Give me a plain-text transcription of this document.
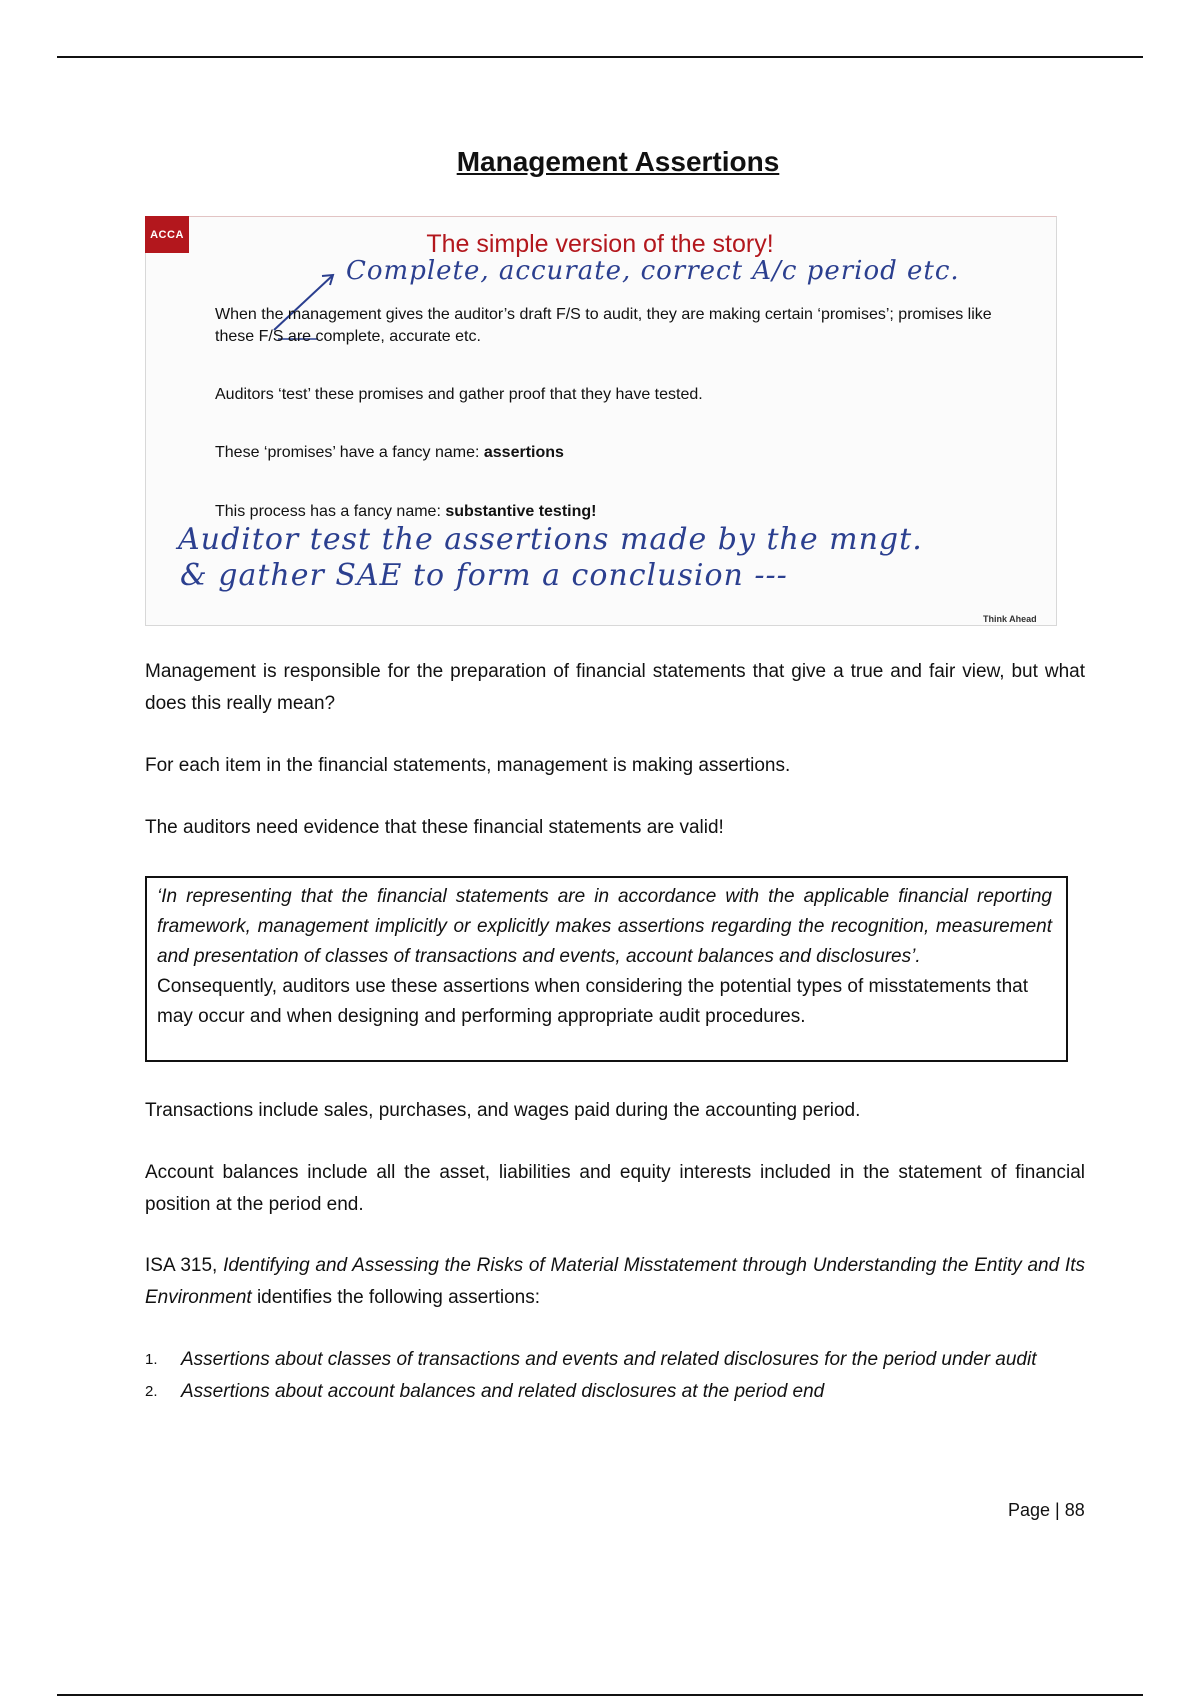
Management Assertions
ACCA	The simple version of the story!
Complete, accurate, correct A/c period etc.
When the management gives the auditor’s draft F/S to audit, they are making certain ‘promises’; promises like these F/S are complete, accurate etc.
Auditors ‘test’ these promises and gather proof that they have tested.
These ‘promises’ have a fancy name: assertions
This process has a fancy name: substantive testing!
Auditor test the assertions made by the mngt.
& gather SAE to form a conclusion ---
Think Ahead
Management is responsible for the preparation of financial statements that give a true and fair view, but what does this really mean?
For each item in the financial statements, management is making assertions.
The auditors need evidence that these financial statements are valid!
‘In representing that the financial statements are in accordance with the applicable financial reporting framework, management implicitly or explicitly makes assertions regarding the recognition, measurement and presentation of classes of transactions and events, account balances and disclosures’.
Consequently, auditors use these assertions when considering the potential types of misstatements that may occur and when designing and performing appropriate audit procedures.
Transactions include sales, purchases, and wages paid during the accounting period.
Account balances include all the asset, liabilities and equity interests included in the statement of financial position at the period end.
ISA 315, Identifying and Assessing the Risks of Material Misstatement through Understanding the Entity and Its Environment identifies the following assertions:
1.	Assertions about classes of transactions and events and related disclosures for the period under audit
2.	Assertions about account balances and related disclosures at the period end
Page | 88
